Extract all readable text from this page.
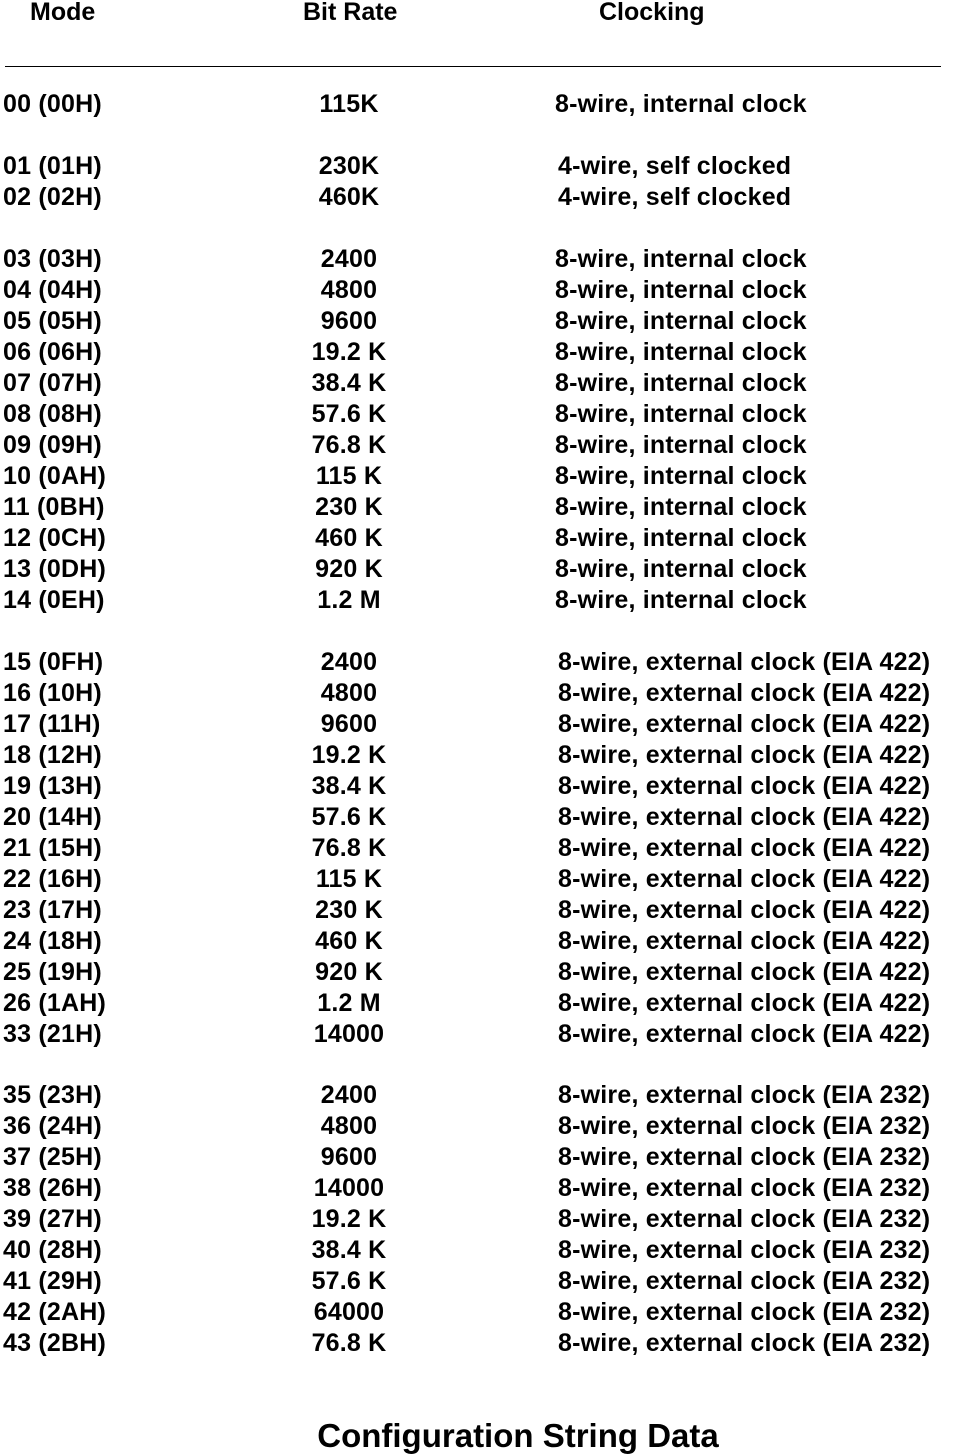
Mode	Bit Rate	Clocking
00 (00H)	115K	8-wire, internal clock
01 (01H)	230K	4-wire, self clocked
02 (02H)	460K	4-wire, self clocked
03 (03H)	2400	8-wire, internal clock
04 (04H)	4800	8-wire, internal clock
05 (05H)	9600	8-wire, internal clock
06 (06H)	19.2 K	8-wire, internal clock
07 (07H)	38.4 K	8-wire, internal clock
08 (08H)	57.6 K	8-wire, internal clock
09 (09H)	76.8 K	8-wire, internal clock
10 (0AH)	115 K	8-wire, internal clock
11 (0BH)	230 K	8-wire, internal clock
12 (0CH)	460 K	8-wire, internal clock
13 (0DH)	920 K	8-wire, internal clock
14 (0EH)	1.2 M	8-wire, internal clock
15 (0FH)	2400	8-wire, external clock (EIA 422)
16 (10H)	4800	8-wire, external clock (EIA 422)
17 (11H)	9600	8-wire, external clock (EIA 422)
18 (12H)	19.2 K	8-wire, external clock (EIA 422)
19 (13H)	38.4 K	8-wire, external clock (EIA 422)
20 (14H)	57.6 K	8-wire, external clock (EIA 422)
21 (15H)	76.8 K	8-wire, external clock (EIA 422)
22 (16H)	115 K	8-wire, external clock (EIA 422)
23 (17H)	230 K	8-wire, external clock (EIA 422)
24 (18H)	460 K	8-wire, external clock (EIA 422)
25 (19H)	920 K	8-wire, external clock (EIA 422)
26 (1AH)	1.2 M	8-wire, external clock (EIA 422)
33 (21H)	14000	8-wire, external clock (EIA 422)
35 (23H)	2400	8-wire, external clock (EIA 232)
36 (24H)	4800	8-wire, external clock (EIA 232)
37 (25H)	9600	8-wire, external clock (EIA 232)
38 (26H)	14000	8-wire, external clock (EIA 232)
39 (27H)	19.2 K	8-wire, external clock (EIA 232)
40 (28H)	38.4 K	8-wire, external clock (EIA 232)
41 (29H)	57.6 K	8-wire, external clock (EIA 232)
42 (2AH)	64000	8-wire, external clock (EIA 232)
43 (2BH)	76.8 K	8-wire, external clock (EIA 232)
Configuration String Data
